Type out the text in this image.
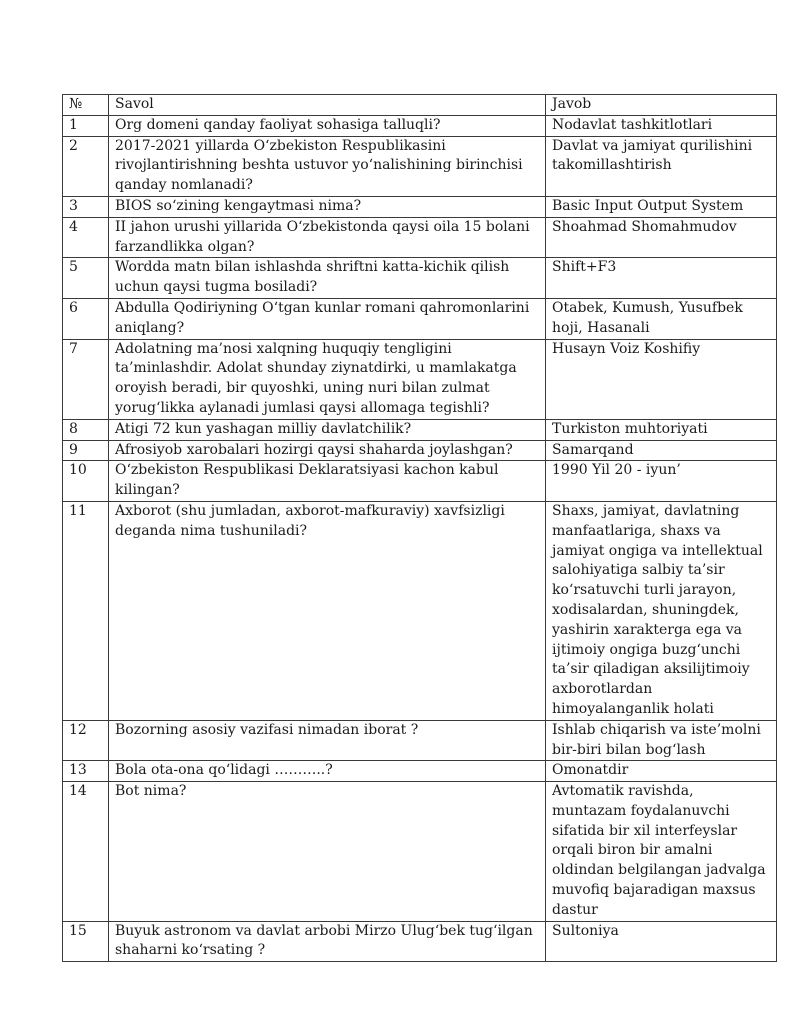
№	Savol	Javob
1	Org domeni qanday faoliyat sohasiga talluqli?	Nodavlat tashkitlotlari
2	2017-2021 yillarda O‘zbekiston Respublikasini rivojlantirishning beshta ustuvor yo‘nalishining birinchisi qanday nomlanadi?	Davlat va jamiyat qurilishini takomillashtirish
3	BIOS so‘zining kengaytmasi nima?	Basic Input Output System
4	II jahon urushi yillarida O‘zbekistonda qaysi oila 15 bolani farzandlikka olgan?	Shoahmad Shomahmudov
5	Wordda matn bilan ishlashda shriftni katta-kichik qilish uchun qaysi tugma bosiladi?	Shift+F3
6	Abdulla Qodiriyning O‘tgan kunlar romani qahromonlarini aniqlang?	Otabek, Kumush, Yusufbek hoji, Hasanali
7	Adolatning ma’nosi xalqning huquqiy tengligini ta’minlashdir. Adolat shunday ziynatdirki, u mamlakatga oroyish beradi, bir quyoshki, uning nuri bilan zulmat yorug‘likka aylanadi jumlasi qaysi allomaga tegishli?	Husayn Voiz Koshifiy
8	Atigi 72 kun yashagan milliy davlatchilik?	Turkiston muhtoriyati
9	Afrosiyob xarobalari hozirgi qaysi shaharda joylashgan?	Samarqand
10	O‘zbekiston Respublikasi Deklaratsiyasi kachon kabul kilingan?	1990 Yil 20 - iyun’
11	Axborot (shu jumladan, axborot-mafkuraviy) xavfsizligi deganda nima tushuniladi?	Shaxs, jamiyat, davlatning manfaatlariga, shaxs va jamiyat ongiga va intellektual salohiyatiga salbiy ta’sir ko‘rsatuvchi turli jarayon, xodisalardan, shuningdek, yashirin xarakterga ega va ijtimoiy ongiga buzg‘unchi ta’sir qiladigan aksilijtimoiy axborotlardan himoyalanganlik holati
12	Bozorning asosiy vazifasi nimadan iborat ?	Ishlab chiqarish va iste’molni bir-biri bilan bog‘lash
13	Bola ota-ona qo‘lidagi ………..?	Omonatdir
14	Bot nima?	Avtomatik ravishda, muntazam foydalanuvchi sifatida bir xil interfeyslar orqali biron bir amalni oldindan belgilangan jadvalga muvofiq bajaradigan maxsus dastur
15	Buyuk astronom va davlat arbobi Mirzo Ulug‘bek tug‘ilgan shaharni ko‘rsating ?	Sultoniya
